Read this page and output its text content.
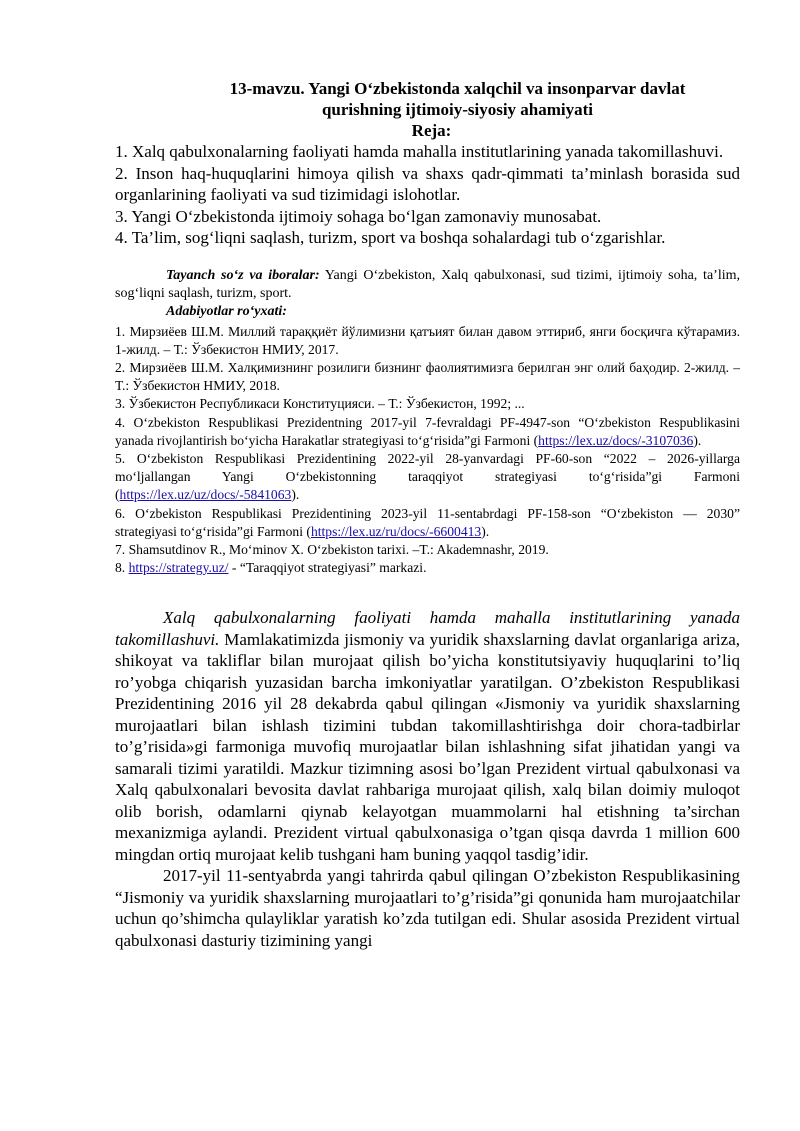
13-mavzu. Yangi O‘zbekistonda xalqchil va insonparvar davlat
qurishning ijtimoiy-siyosiy ahamiyati

Reja:

1. Xalq qabulxonalarning faoliyati hamda mahalla institutlarining yanada takomillashuvi.
2. Inson haq-huquqlarini himoya qilish va shaxs qadr-qimmati ta’minlash borasida sud organlarining faoliyati va sud tizimidagi islohotlar.
3. Yangi O‘zbekistonda ijtimoiy sohaga bo‘lgan zamonaviy munosabat.
4. Ta’lim, sog‘liqni saqlash, turizm, sport va boshqa sohalardagi tub o‘zgarishlar.

Tayanch so‘z va iboralar: Yangi O‘zbekiston, Xalq qabulxonasi, sud tizimi, ijtimoiy soha, ta’lim, sog‘liqni saqlash, turizm, sport.

Adabiyotlar ro‘yxati:

1. Мирзиёев Ш.М. Миллий тараққиёт йўлимизни қатъият билан давом эттириб, янги босқичга кўтарамиз. 1-жилд. – Т.: Ўзбекистон НМИУ, 2017.
2. Мирзиёев Ш.М. Халқимизнинг розилиги бизнинг фаолиятимизга берилган энг олий баҳодир. 2-жилд. – Т.: Ўзбекистон НМИУ, 2018.
3. Ўзбекистон Республикаси Конституцияси. – Т.: Ўзбекистон, 1992; ...
4. O‘zbekiston Respublikasi Prezidentning 2017-yil 7-fevraldagi PF-4947-son “O‘zbekiston Respublikasini yanada rivojlantirish bo‘yicha Harakatlar strategiyasi to‘g‘risida”gi Farmoni (https://lex.uz/docs/-3107036).
5. O‘zbekiston Respublikasi Prezidentining 2022-yil 28-yanvardagi PF-60-son “2022 – 2026-yillarga mo‘ljallangan Yangi O‘zbekistonning taraqqiyot strategiyasi to‘g‘risida”gi Farmoni (https://lex.uz/uz/docs/-5841063).
6. O‘zbekiston Respublikasi Prezidentining 2023-yil 11-sentabrdagi PF-158-son “O‘zbekiston — 2030” strategiyasi to‘g‘risida”gi Farmoni (https://lex.uz/ru/docs/-6600413).
7. Shamsutdinov R., Mo‘minov X. O‘zbekiston tarixi. –T.: Akademnashr, 2019.
8. https://strategy.uz/ - “Taraqqiyot strategiyasi” markazi.

Xalq qabulxonalarning faoliyati hamda mahalla institutlarining yanada takomillashuvi. Mamlakatimizda jismoniy va yuridik shaxslarning davlat organlariga ariza, shikoyat va takliflar bilan murojaat qilish bo’yicha konstitutsiyaviy huquqlarini to’liq ro’yobga chiqarish yuzasidan barcha imkoniyatlar yaratilgan. O’zbekiston Respublikasi Prezidentining 2016 yil 28 dekabrda qabul qilingan «Jismoniy va yuridik shaxslarning murojaatlari bilan ishlash tizimini tubdan takomillashtirishga doir chora-tadbirlar to’g’risida»gi farmoniga muvofiq murojaatlar bilan ishlashning sifat jihatidan yangi va samarali tizimi yaratildi. Mazkur tizimning asosi bo’lgan Prezident virtual qabulxonasi va Xalq qabulxonalari bevosita davlat rahbariga murojaat qilish, xalq bilan doimiy muloqot olib borish, odamlarni qiynab kelayotgan muammolarni hal etishning ta’sirchan mexanizmiga aylandi. Prezident virtual qabulxonasiga o’tgan qisqa davrda 1 million 600 mingdan ortiq murojaat kelib tushgani ham buning yaqqol tasdig’idir.

2017-yil 11-sentyabrda yangi tahrirda qabul qilingan O’zbekiston Respublikasining “Jismoniy va yuridik shaxslarning murojaatlari to’g’risida”gi qonunida ham murojaatchilar uchun qo’shimcha qulayliklar yaratish ko’zda tutilgan edi. Shular asosida Prezident virtual qabulxonasi dasturiy tizimining yangi
